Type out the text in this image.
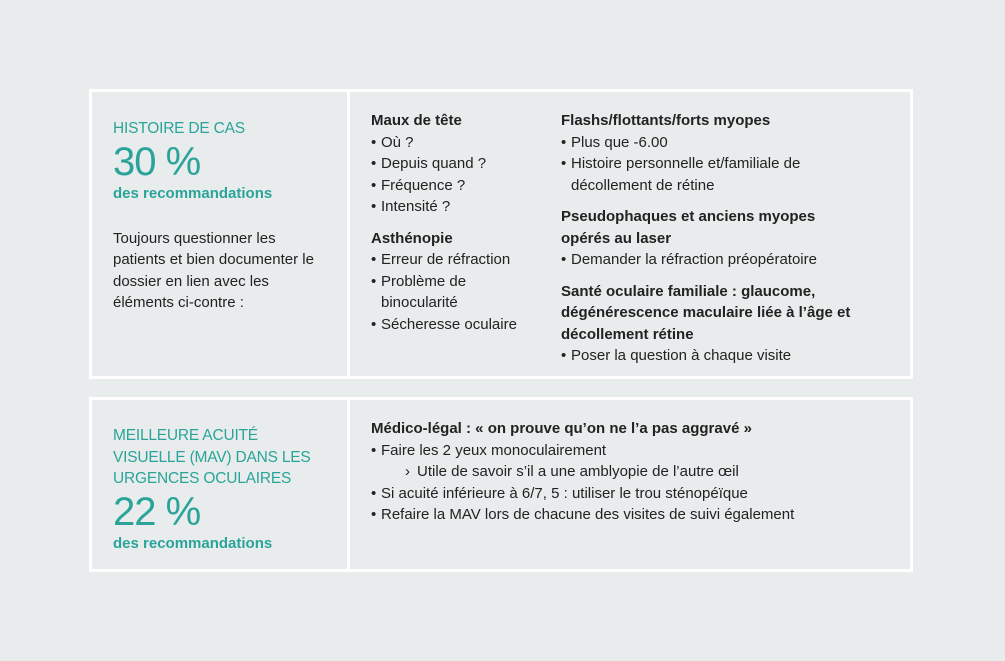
HISTOIRE DE CAS
30 %
des recommandations
Toujours questionner les patients et bien documenter le dossier en lien avec les éléments ci-contre :
Maux de tête
• Où ?
• Depuis quand ?
• Fréquence ?
• Intensité ?
Asthénopie
• Erreur de réfraction
• Problème de binocularité
• Sécheresse oculaire
Flashs/flottants/forts myopes
• Plus que -6.00
• Histoire personnelle et/familiale de décollement de rétine
Pseudophaques et anciens myopes opérés au laser
• Demander la réfraction préopératoire
Santé oculaire familiale : glaucome, dégénérescence maculaire liée à l’âge et décollement rétine
• Poser la question à chaque visite
MEILLEURE ACUITÉ VISUELLE (MAV) DANS LES URGENCES OCULAIRES
22 %
des recommandations
Médico-légal : « on prouve qu’on ne l’a pas aggravé »
• Faire les 2 yeux monoculairement
› Utile de savoir s’il a une amblyopie de l’autre œil
• Si acuité inférieure à 6/7, 5 : utiliser le trou sténopéïque
• Refaire la MAV lors de chacune des visites de suivi également
